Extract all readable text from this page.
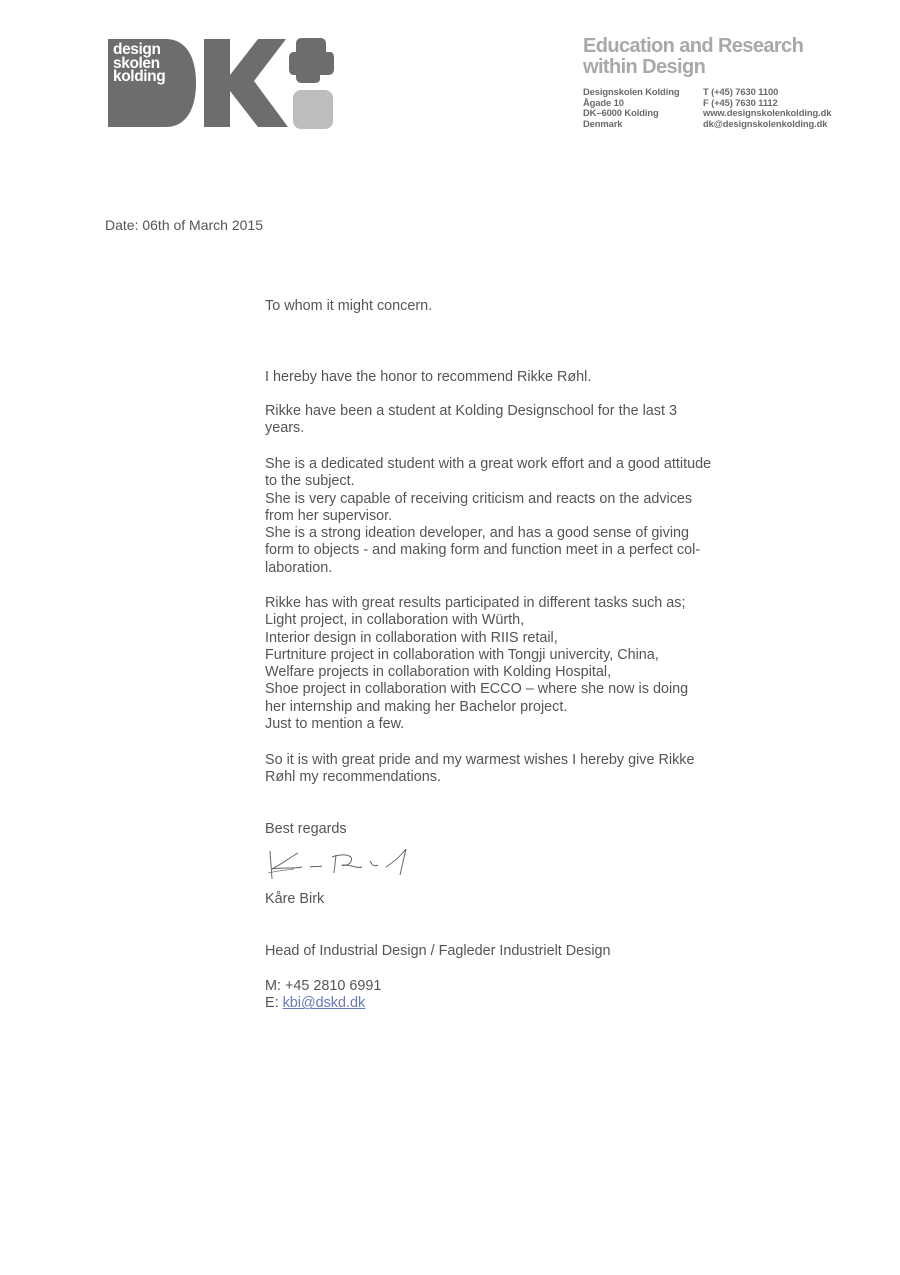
design
skolen
kolding
Education and Research
within Design
Designskolen Kolding
Ågade 10
DK–6000 Kolding
Denmark
T (+45) 7630 1100
F (+45) 7630 1112
www.designskolenkolding.dk
dk@designskolenkolding.dk
Date: 06th of March 2015
To whom it might concern.
I hereby have the honor to recommend Rikke Røhl.
Rikke have been a student at Kolding Designschool for the last 3
years.
She is a dedicated student with a great work effort and a good attitude
to the subject.
She is very capable of receiving criticism and reacts on the advices
from her supervisor.
She is a strong ideation developer, and has a good sense of giving
form to objects - and making form and function meet in a perfect col-
laboration.
Rikke has with great results participated in different tasks such as;
Light project, in collaboration with Würth,
Interior design in collaboration with RIIS retail,
Furtniture project in collaboration with Tongji univercity, China,
Welfare projects in collaboration with Kolding Hospital,
Shoe project in collaboration with ECCO – where she now is doing
her internship and making her Bachelor project.
Just to mention a few.
So it is with great pride and my warmest wishes I hereby give Rikke
Røhl my recommendations.
Best regards
Kåre Birk
Head of Industrial Design / Fagleder Industrielt Design
M: +45 2810 6991
E: kbi@dskd.dk
